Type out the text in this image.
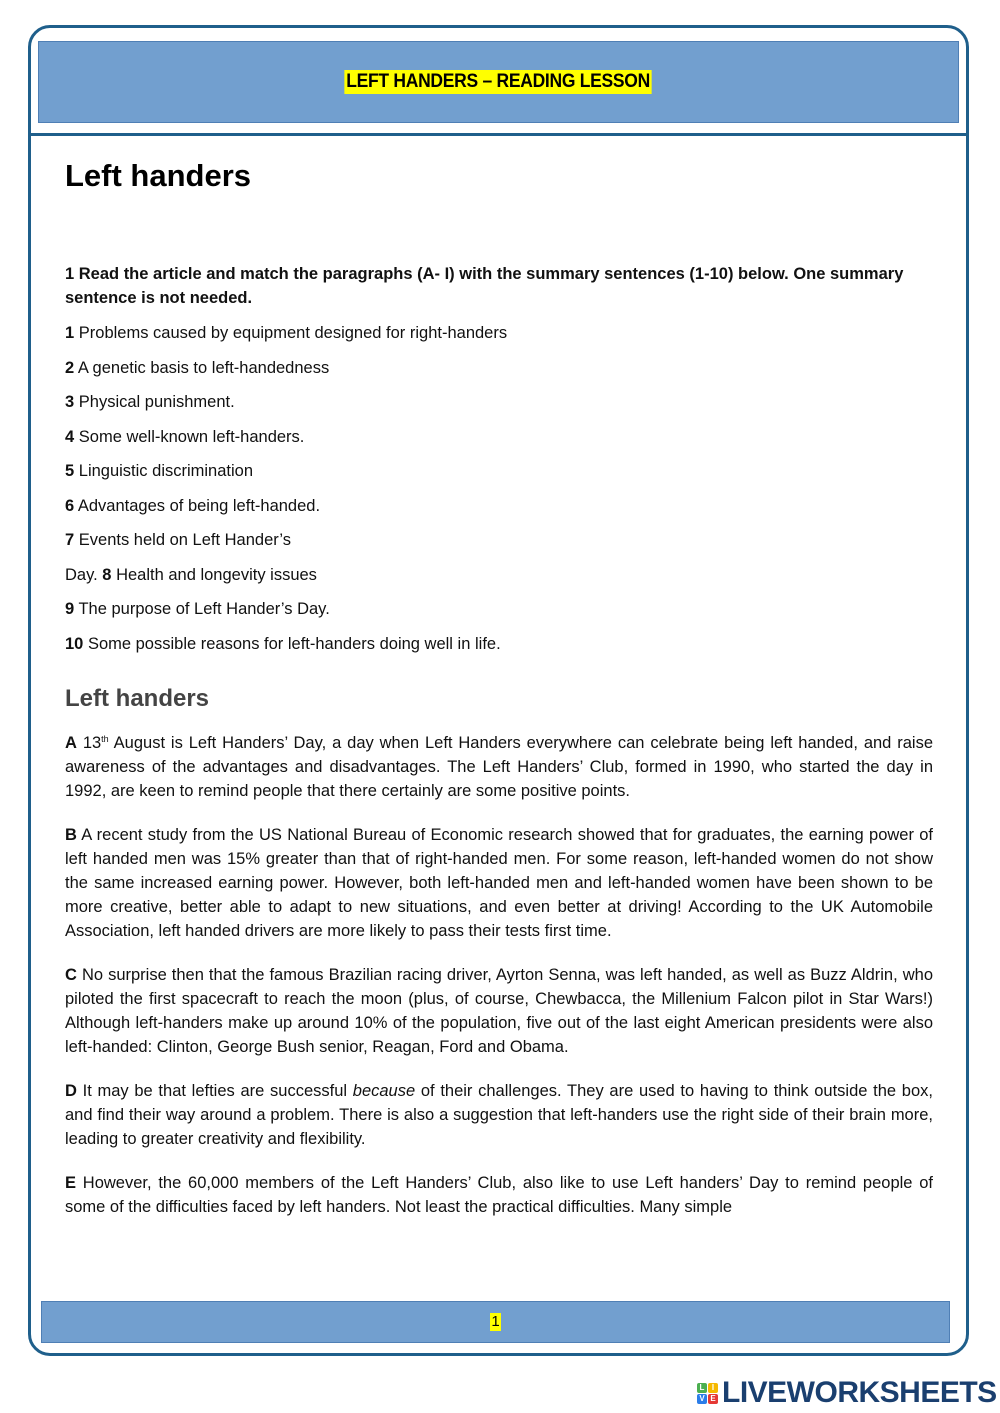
LEFT HANDERS – READING LESSON
Left handers

1 Read the article and match the paragraphs (A- I) with the summary sentences (1-10) below. One summary sentence is not needed.

1 Problems caused by equipment designed for right-handers
2 A genetic basis to left-handedness
3 Physical punishment.
4 Some well-known left-handers.
5 Linguistic discrimination
6 Advantages of being left-handed.
7 Events held on Left Hander’s
Day. 8 Health and longevity issues
9 The purpose of Left Hander’s Day.
10 Some possible reasons for left-handers doing well in life.
Left handers

A 13th August is Left Handers’ Day, a day when Left Handers everywhere can celebrate being left handed, and raise awareness of the advantages and disadvantages. The Left Handers’ Club, formed in 1990, who started the day in 1992, are keen to remind people that there certainly are some positive points.

B A recent study from the US National Bureau of Economic research showed that for graduates, the earning power of left handed men was 15% greater than that of right-handed men. For some reason, left-handed women do not show the same increased earning power. However, both left-handed men and left-handed women have been shown to be more creative, better able to adapt to new situations, and even better at driving! According to the UK Automobile Association, left handed drivers are more likely to pass their tests first time.

C No surprise then that the famous Brazilian racing driver, Ayrton Senna, was left handed, as well as Buzz Aldrin, who piloted the first spacecraft to reach the moon (plus, of course, Chewbacca, the Millenium Falcon pilot in Star Wars!) Although left-handers make up around 10% of the population, five out of the last eight American presidents were also left-handed: Clinton, George Bush senior, Reagan, Ford and Obama.

D It may be that lefties are successful because of their challenges. They are used to having to think outside the box, and find their way around a problem. There is also a suggestion that left-handers use the right side of their brain more, leading to greater creativity and flexibility.

E However, the 60,000 members of the Left Handers’ Club, also like to use Left handers’ Day to remind people of some of the difficulties faced by left handers. Not least the practical difficulties. Many simple

1
L I
V E LIVEWORKSHEETS
